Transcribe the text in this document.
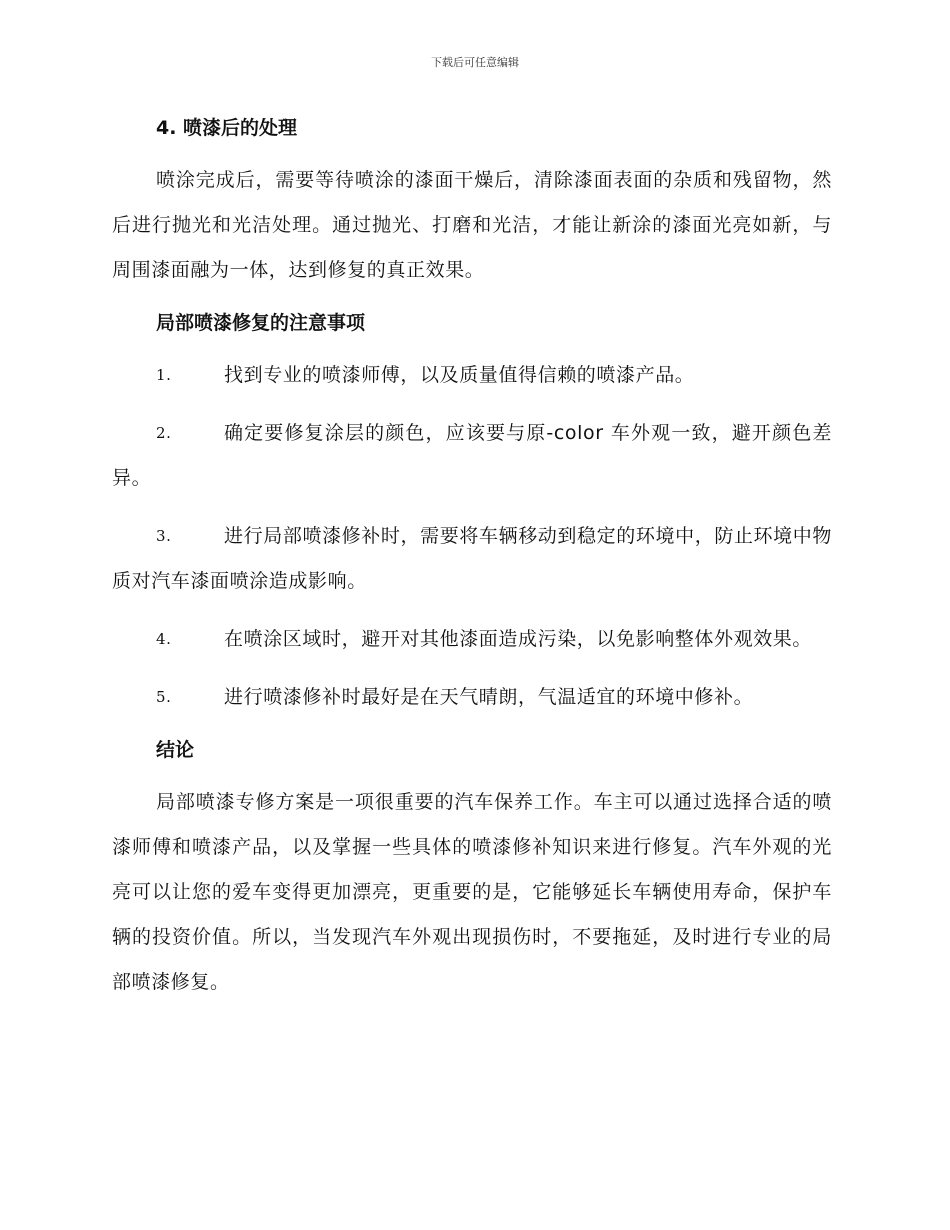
下载后可任意编辑

4. 喷漆后的处理

喷涂完成后，需要等待喷涂的漆面干燥后，清除漆面表面的杂质和残留物，然后进行抛光和光洁处理。通过抛光、打磨和光洁，才能让新涂的漆面光亮如新，与周围漆面融为一体，达到修复的真正效果。

局部喷漆修复的注意事项

1.	找到专业的喷漆师傅，以及质量值得信赖的喷漆产品。
2.	确定要修复涂层的颜色，应该要与原-color 车外观一致，避开颜色差异。
3.	进行局部喷漆修补时，需要将车辆移动到稳定的环境中，防止环境中物质对汽车漆面喷涂造成影响。
4.	在喷涂区域时，避开对其他漆面造成污染，以免影响整体外观效果。
5.	进行喷漆修补时最好是在天气晴朗，气温适宜的环境中修补。

结论

局部喷漆专修方案是一项很重要的汽车保养工作。车主可以通过选择合适的喷漆师傅和喷漆产品，以及掌握一些具体的喷漆修补知识来进行修复。汽车外观的光亮可以让您的爱车变得更加漂亮，更重要的是，它能够延长车辆使用寿命，保护车辆的投资价值。所以，当发现汽车外观出现损伤时，不要拖延，及时进行专业的局部喷漆修复。
